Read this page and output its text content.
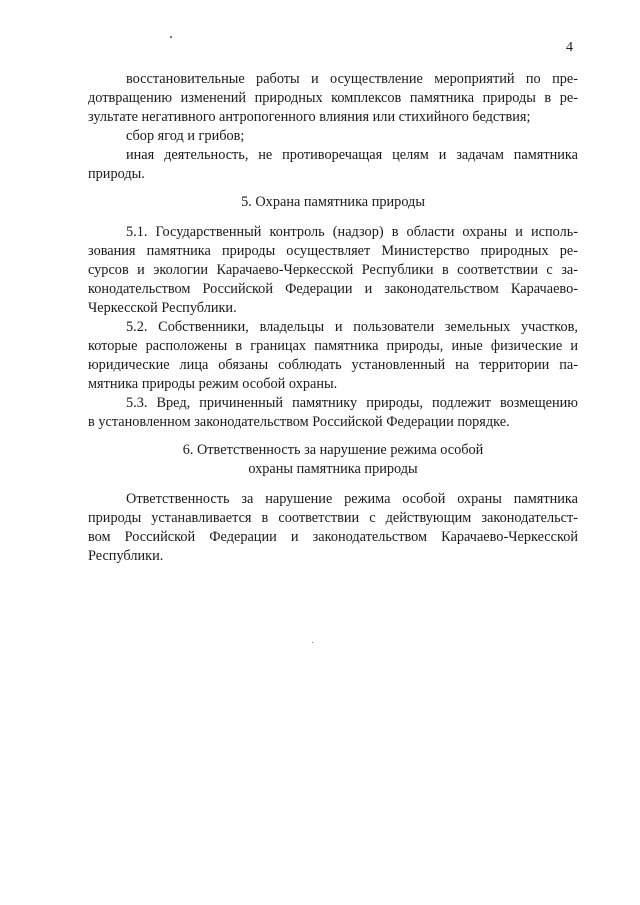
4
восстановительные работы и осуществление мероприятий по пре-
дотвращению изменений природных комплексов памятника природы в ре-
зультате негативного антропогенного влияния или стихийного бедствия;
сбор ягод и грибов;
иная деятельность, не противоречащая целям и задачам памятника
природы.
5. Охрана памятника природы
5.1. Государственный контроль (надзор) в области охраны и исполь-
зования памятника природы осуществляет Министерство природных ре-
сурсов и экологии Карачаево-Черкесской Республики в соответствии с за-
конодательством Российской Федерации и законодательством Карачаево-
Черкесской Республики.
5.2. Собственники, владельцы и пользователи земельных участков,
которые расположены в границах памятника природы, иные физические и
юридические лица обязаны соблюдать установленный на территории па-
мятника природы режим особой охраны.
5.3. Вред, причиненный памятнику природы, подлежит возмещению
в установленном законодательством Российской Федерации порядке.
6. Ответственность за нарушение режима особой
охраны памятника природы
Ответственность за нарушение режима особой охраны памятника
природы устанавливается в соответствии с действующим законодательст-
вом Российской Федерации и законодательством Карачаево-Черкесской
Республики.
